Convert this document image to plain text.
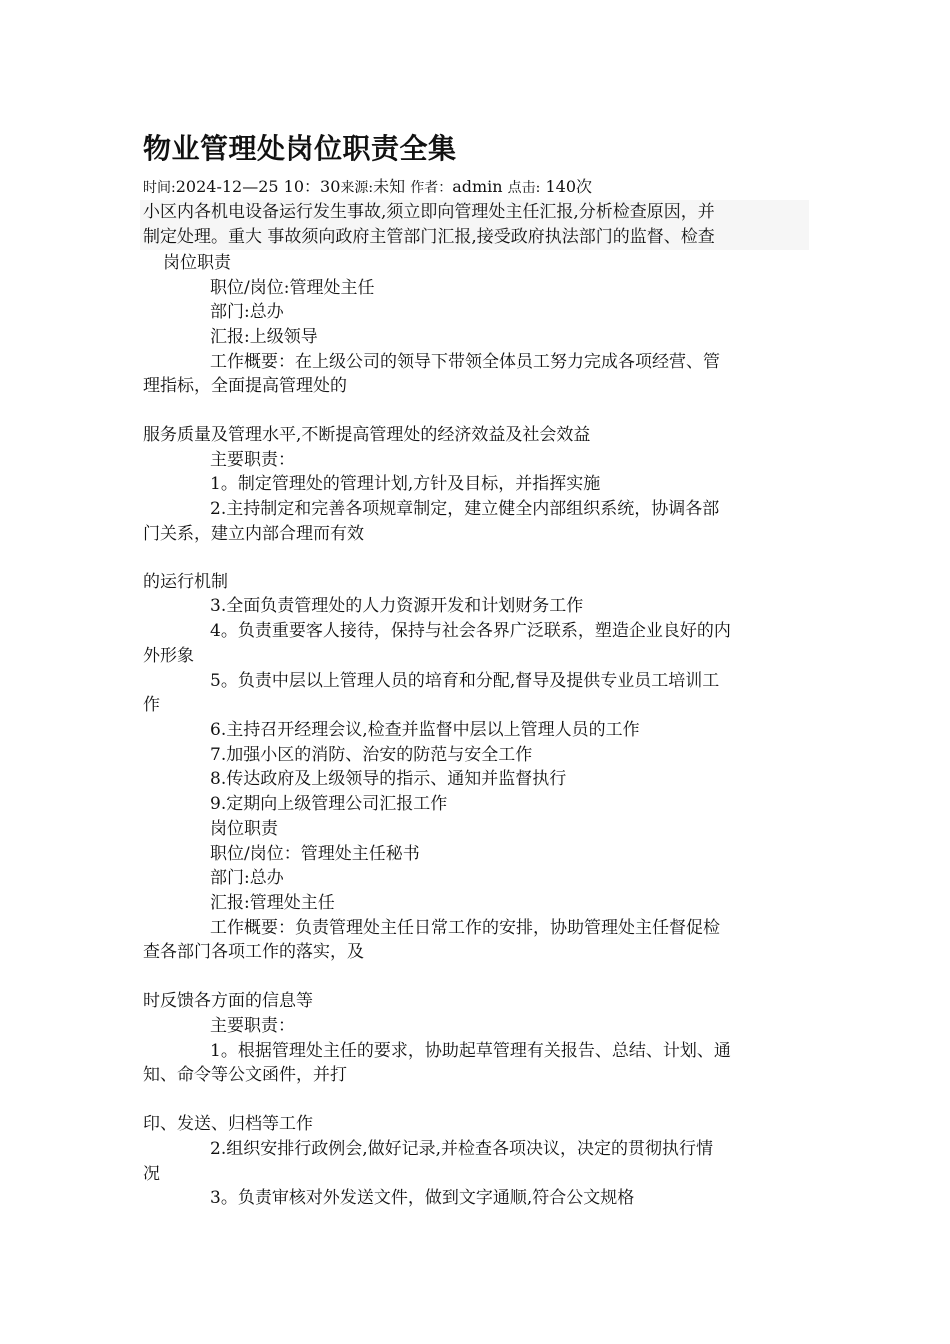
物业管理处岗位职责全集
时间:2024-12—25 10：30来源:未知 作者：admin 点击: 140次
小区内各机电设备运行发生事故,须立即向管理处主任汇报,分析检查原因，并
制定处理。重大 事故须向政府主管部门汇报,接受政府执法部门的监督、检查
岗位职责
职位/岗位:管理处主任
部门:总办
汇报:上级领导
工作概要：在上级公司的领导下带领全体员工努力完成各项经营、管
理指标，全面提高管理处的
服务质量及管理水平,不断提高管理处的经济效益及社会效益
主要职责：
1。制定管理处的管理计划,方针及目标，并指挥实施
2.主持制定和完善各项规章制定，建立健全内部组织系统，协调各部
门关系，建立内部合理而有效
的运行机制
3.全面负责管理处的人力资源开发和计划财务工作
4。负责重要客人接待，保持与社会各界广泛联系，塑造企业良好的内
外形象
5。负责中层以上管理人员的培育和分配,督导及提供专业员工培训工
作
6.主持召开经理会议,检查并监督中层以上管理人员的工作
7.加强小区的消防、治安的防范与安全工作
8.传达政府及上级领导的指示、通知并监督执行
9.定期向上级管理公司汇报工作
岗位职责
职位/岗位：管理处主任秘书
部门:总办
汇报:管理处主任
工作概要：负责管理处主任日常工作的安排，协助管理处主任督促检
查各部门各项工作的落实，及
时反馈各方面的信息等
主要职责：
1。根据管理处主任的要求，协助起草管理有关报告、总结、计划、通
知、命令等公文函件，并打
印、发送、归档等工作
2.组织安排行政例会,做好记录,并检查各项决议，决定的贯彻执行情
况
3。负责审核对外发送文件，做到文字通顺,符合公文规格
